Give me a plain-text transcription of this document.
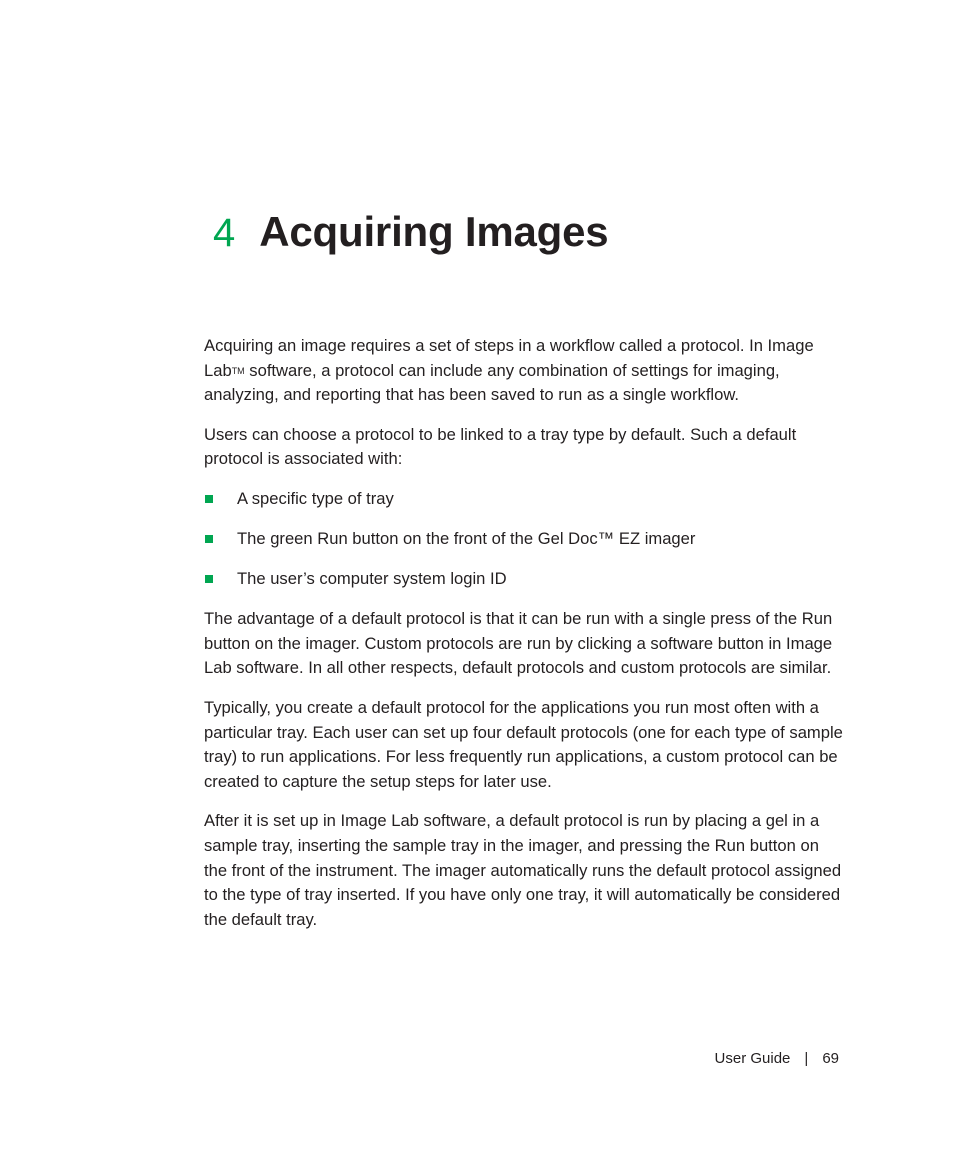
4 Acquiring Images

Acquiring an image requires a set of steps in a workflow called a protocol. In Image LabTM software, a protocol can include any combination of settings for imaging, analyzing, and reporting that has been saved to run as a single workflow.

Users can choose a protocol to be linked to a tray type by default. Such a default protocol is associated with:

A specific type of tray
The green Run button on the front of the Gel Doc™ EZ imager
The user’s computer system login ID

The advantage of a default protocol is that it can be run with a single press of the Run button on the imager. Custom protocols are run by clicking a software button in Image Lab software. In all other respects, default protocols and custom protocols are similar.

Typically, you create a default protocol for the applications you run most often with a particular tray. Each user can set up four default protocols (one for each type of sample tray) to run applications. For less frequently run applications, a custom protocol can be created to capture the setup steps for later use.

After it is set up in Image Lab software, a default protocol is run by placing a gel in a sample tray, inserting the sample tray in the imager, and pressing the Run button on the front of the instrument. The imager automatically runs the default protocol assigned to the type of tray inserted. If you have only one tray, it will automatically be considered the default tray.

User Guide | 69
